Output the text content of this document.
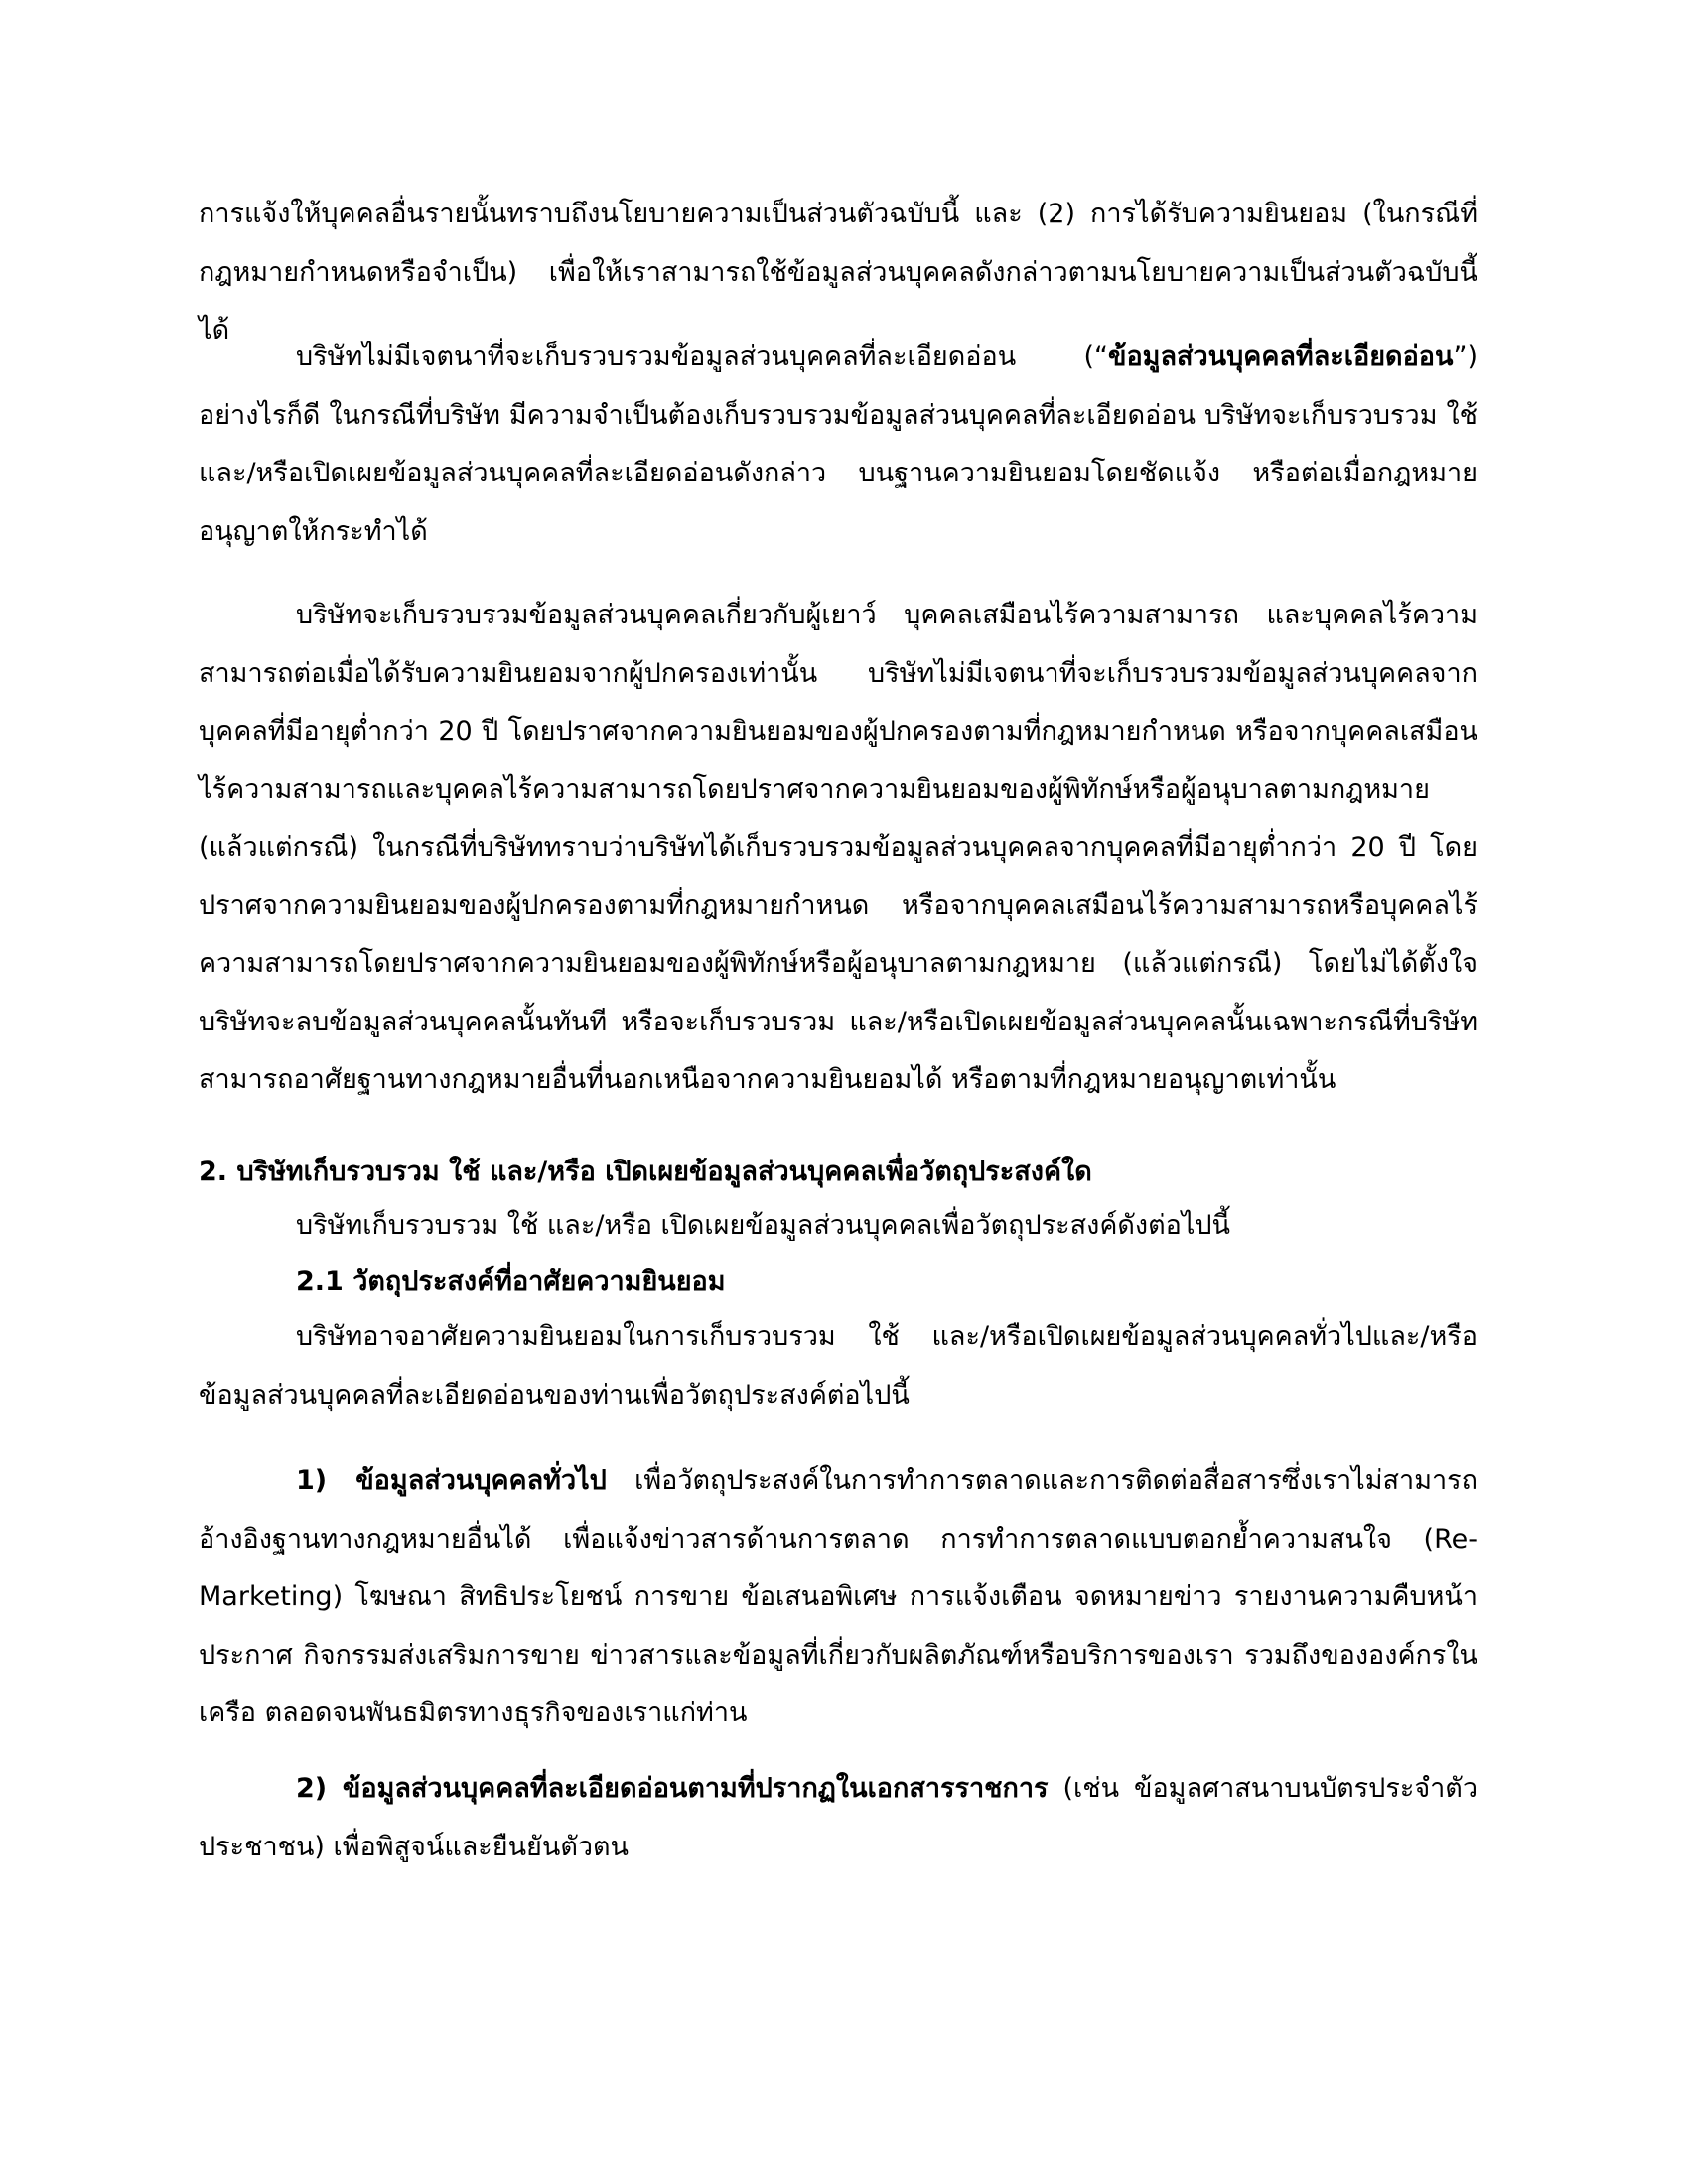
การแจ้งให้บุคคลอื่นรายนั้นทราบถึงนโยบายความเป็นส่วนตัวฉบับนี้ และ (2) การได้รับความยินยอม (ในกรณีที่กฎหมายกำหนดหรือจำเป็น) เพื่อให้เราสามารถใช้ข้อมูลส่วนบุคคลดังกล่าวตามนโยบายความเป็นส่วนตัวฉบับนี้ได้

บริษัทไม่มีเจตนาที่จะเก็บรวบรวมข้อมูลส่วนบุคคลที่ละเอียดอ่อน (“ข้อมูลส่วนบุคคลที่ละเอียดอ่อน”) อย่างไรก็ดี ในกรณีที่บริษัท มีความจำเป็นต้องเก็บรวบรวมข้อมูลส่วนบุคคลที่ละเอียดอ่อน บริษัทจะเก็บรวบรวม ใช้ และ/หรือเปิดเผยข้อมูลส่วนบุคคลที่ละเอียดอ่อนดังกล่าว บนฐานความยินยอมโดยชัดแจ้ง หรือต่อเมื่อกฎหมายอนุญาตให้กระทำได้

บริษัทจะเก็บรวบรวมข้อมูลส่วนบุคคลเกี่ยวกับผู้เยาว์ บุคคลเสมือนไร้ความสามารถ และบุคคลไร้ความสามารถต่อเมื่อได้รับความยินยอมจากผู้ปกครองเท่านั้น บริษัทไม่มีเจตนาที่จะเก็บรวบรวมข้อมูลส่วนบุคคลจากบุคคลที่มีอายุต่ำกว่า 20 ปี โดยปราศจากความยินยอมของผู้ปกครองตามที่กฎหมายกำหนด หรือจากบุคคลเสมือนไร้ความสามารถและบุคคลไร้ความสามารถโดยปราศจากความยินยอมของผู้พิทักษ์หรือผู้อนุบาลตามกฎหมาย (แล้วแต่กรณี) ในกรณีที่บริษัททราบว่าบริษัทได้เก็บรวบรวมข้อมูลส่วนบุคคลจากบุคคลที่มีอายุต่ำกว่า 20 ปี โดยปราศจากความยินยอมของผู้ปกครองตามที่กฎหมายกำหนด หรือจากบุคคลเสมือนไร้ความสามารถหรือบุคคลไร้ความสามารถโดยปราศจากความยินยอมของผู้พิทักษ์หรือผู้อนุบาลตามกฎหมาย (แล้วแต่กรณี) โดยไม่ได้ตั้งใจ บริษัทจะลบข้อมูลส่วนบุคคลนั้นทันที หรือจะเก็บรวบรวม และ/หรือเปิดเผยข้อมูลส่วนบุคคลนั้นเฉพาะกรณีที่บริษัทสามารถอาศัยฐานทางกฎหมายอื่นที่นอกเหนือจากความยินยอมได้ หรือตามที่กฎหมายอนุญาตเท่านั้น

2. บริษัทเก็บรวบรวม ใช้ และ/หรือ เปิดเผยข้อมูลส่วนบุคคลเพื่อวัตถุประสงค์ใด

บริษัทเก็บรวบรวม ใช้ และ/หรือ เปิดเผยข้อมูลส่วนบุคคลเพื่อวัตถุประสงค์ดังต่อไปนี้

2.1 วัตถุประสงค์ที่อาศัยความยินยอม

บริษัทอาจอาศัยความยินยอมในการเก็บรวบรวม ใช้ และ/หรือเปิดเผยข้อมูลส่วนบุคคลทั่วไปและ/หรือข้อมูลส่วนบุคคลที่ละเอียดอ่อนของท่านเพื่อวัตถุประสงค์ต่อไปนี้

1) ข้อมูลส่วนบุคคลทั่วไป เพื่อวัตถุประสงค์ในการทำการตลาดและการติดต่อสื่อสารซึ่งเราไม่สามารถอ้างอิงฐานทางกฎหมายอื่นได้ เพื่อแจ้งข่าวสารด้านการตลาด การทำการตลาดแบบตอกย้ำความสนใจ (Re-Marketing) โฆษณา สิทธิประโยชน์ การขาย ข้อเสนอพิเศษ การแจ้งเตือน จดหมายข่าว รายงานความคืบหน้า ประกาศ กิจกรรมส่งเสริมการขาย ข่าวสารและข้อมูลที่เกี่ยวกับผลิตภัณฑ์หรือบริการของเรา รวมถึงขององค์กรในเครือ ตลอดจนพันธมิตรทางธุรกิจของเราแก่ท่าน

2) ข้อมูลส่วนบุคคลที่ละเอียดอ่อนตามที่ปรากฏในเอกสารราชการ (เช่น ข้อมูลศาสนาบนบัตรประจำตัวประชาชน) เพื่อพิสูจน์และยืนยันตัวตน
